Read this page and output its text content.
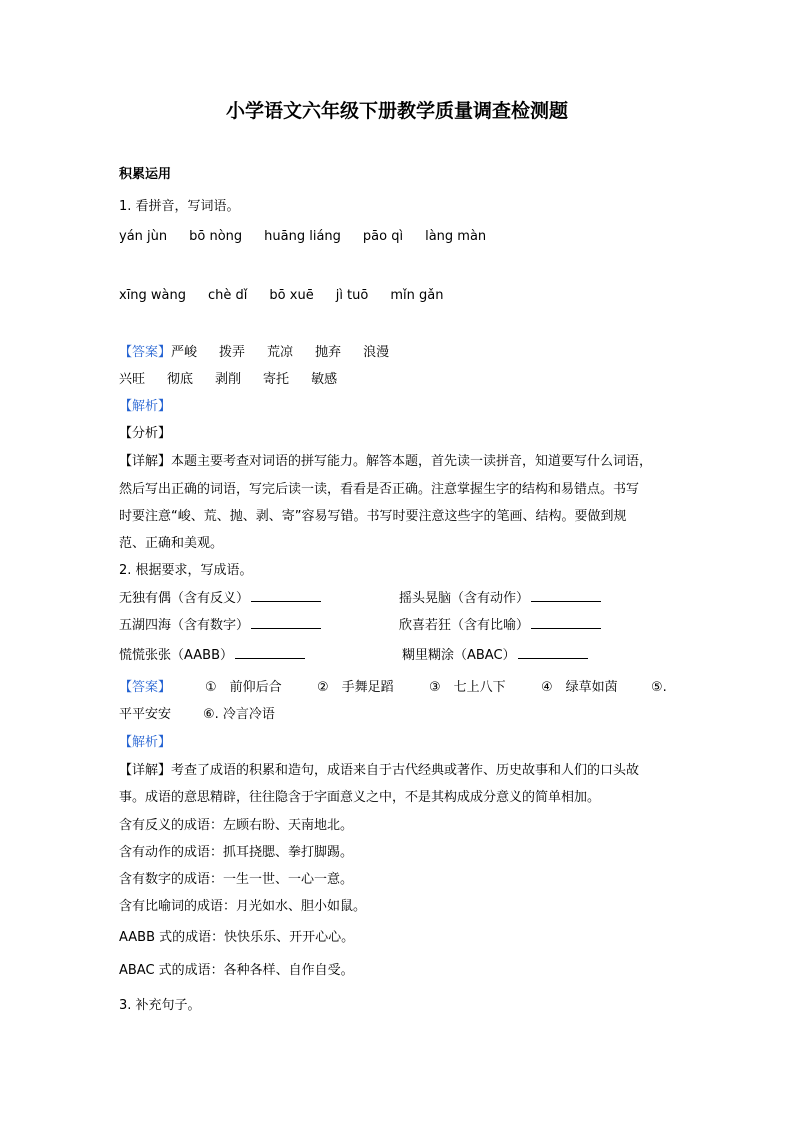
小学语文六年级下册教学质量调查检测题
积累运用
1. 看拼音，写词语。
yán jùn bō nòng huāng liáng pāo qì làng màn
xīng wàng chè dǐ bō xuē jì tuō mǐn gǎn
【答案】严峻 拨弄 荒凉 抛弃 浪漫
兴旺 彻底 剥削 寄托 敏感
【解析】
【分析】
【详解】本题主要考查对词语的拼写能力。解答本题，首先读一读拼音，知道要写什么词语，
然后写出正确的词语，写完后读一读，看看是否正确。注意掌握生字的结构和易错点。书写
时要注意“峻、荒、抛、剥、寄”容易写错。书写时要注意这些字的笔画、结构。要做到规
范、正确和美观。
2. 根据要求，写成语。
无独有偶（含有反义）	摇头晃脑（含有动作）
五湖四海（含有数字）	欣喜若狂（含有比喻）
慌慌张张（AABB）	糊里糊涂（ABAC）
【答案】	①　前仰后合	②　手舞足蹈	③　七上八下	④　绿草如茵	⑤.
平平安安 ⑥. 冷言冷语
【解析】
【详解】考查了成语的积累和造句，成语来自于古代经典或著作、历史故事和人们的口头故
事。成语的意思精辟，往往隐含于字面意义之中，不是其构成成分意义的简单相加。
含有反义的成语：左顾右盼、天南地北。
含有动作的成语：抓耳挠腮、拳打脚踢。
含有数字的成语：一生一世、一心一意。
含有比喻词的成语：月光如水、胆小如鼠。
AABB 式的成语：快快乐乐、开开心心。
ABAC 式的成语：各种各样、自作自受。
3. 补充句子。
